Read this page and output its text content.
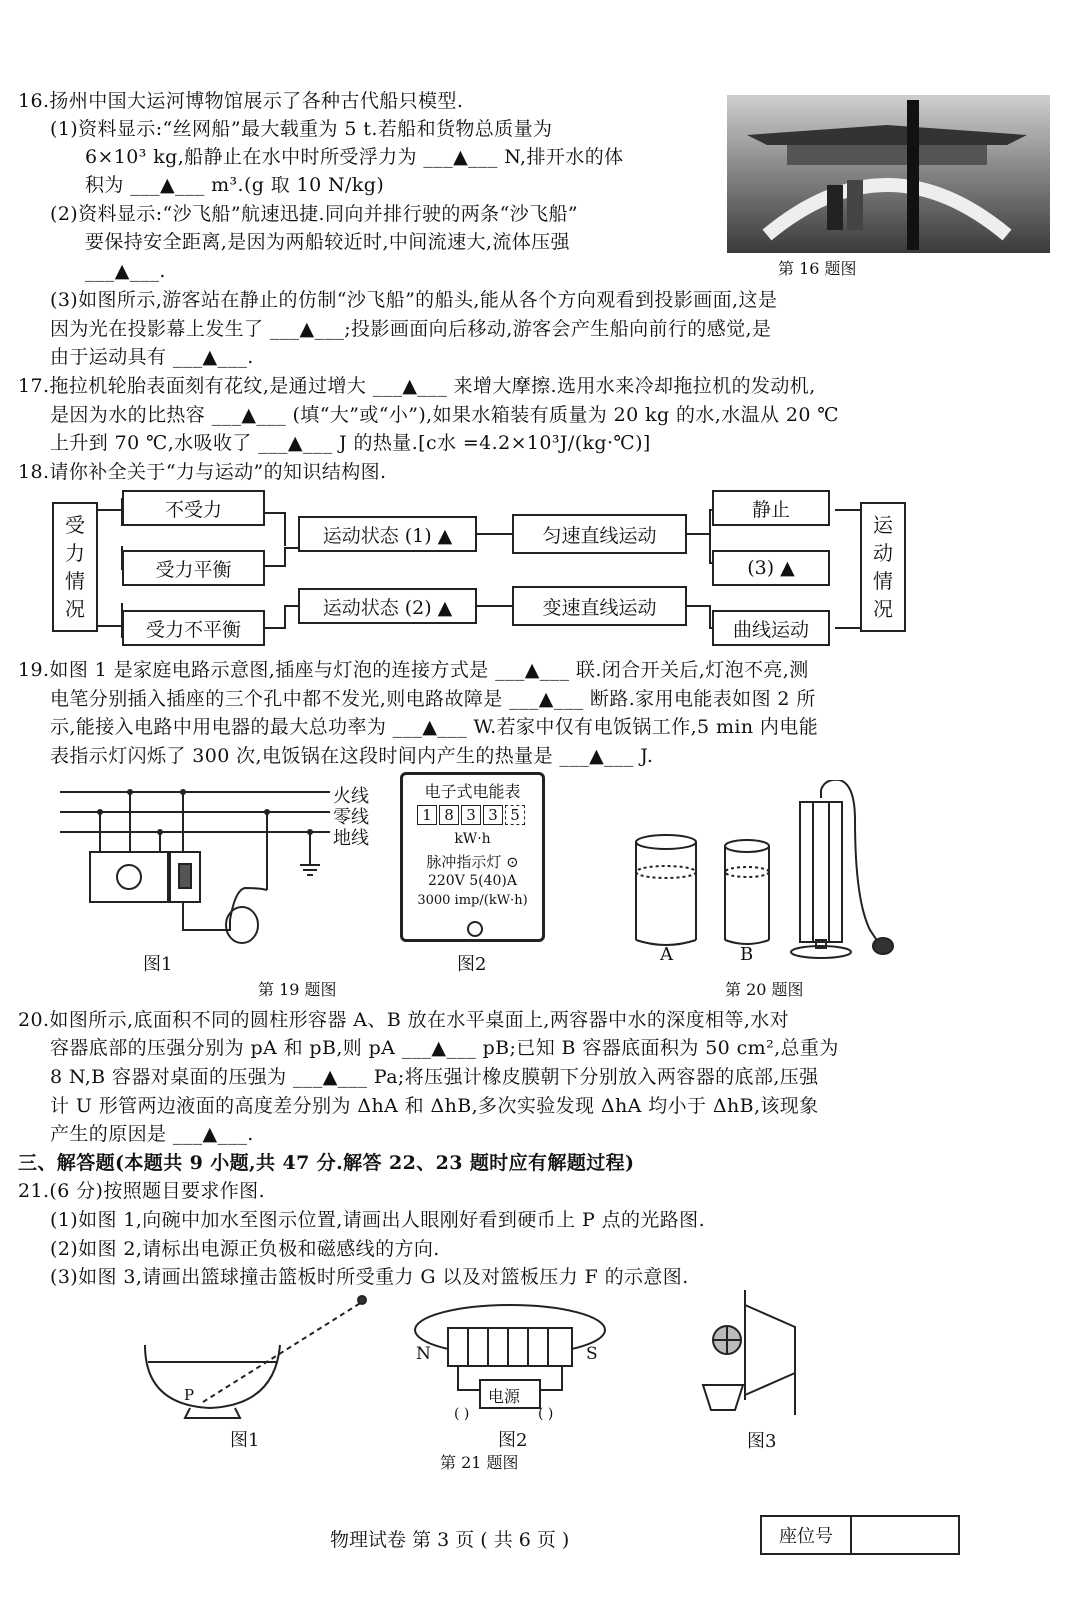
16.扬州中国大运河博物馆展示了各种古代船只模型.
(1)资料显示:“丝网船”最大载重为 5 t.若船和货物总质量为
6×10³ kg,船静止在水中时所受浮力为 ___▲___ N,排开水的体
积为 ___▲___ m³.(g 取 10 N/kg)
(2)资料显示:“沙飞船”航速迅捷.同向并排行驶的两条“沙飞船”
要保持安全距离,是因为两船较近时,中间流速大,流体压强
___▲___.	第 16 题图
(3)如图所示,游客站在静止的仿制“沙飞船”的船头,能从各个方向观看到投影画面,这是
因为光在投影幕上发生了 ___▲___;投影画面向后移动,游客会产生船向前行的感觉,是
由于运动具有 ___▲___.
17.拖拉机轮胎表面刻有花纹,是通过增大 ___▲___ 来增大摩擦.选用水来冷却拖拉机的发动机,
是因为水的比热容 ___▲___ (填“大”或“小”),如果水箱装有质量为 20 kg 的水,水温从 20 ℃
上升到 70 ℃,水吸收了 ___▲___ J 的热量.[c水 =4.2×10³J/(kg·℃)]
18.请你补全关于“力与运动”的知识结构图.
受
力
情
况
不受力
受力平衡
受力不平衡
运动状态 (1) ▲
运动状态 (2) ▲
匀速直线运动
变速直线运动
静止
(3) ▲
曲线运动
运
动
情
况
19.如图 1 是家庭电路示意图,插座与灯泡的连接方式是 ___▲___ 联.闭合开关后,灯泡不亮,测
电笔分别插入插座的三个孔中都不发光,则电路故障是 ___▲___ 断路.家用电能表如图 2 所
示,能接入电路中用电器的最大总功率为 ___▲___ W.若家中仅有电饭锅工作,5 min 内电能
表指示灯闪烁了 300 次,电饭锅在这段时间内产生的热量是 ___▲___ J.
火线
零线
地线
图1
电子式电能表
1 8 3 3 5
kW·h
脉冲指示灯 ⊙
220V 5(40)A
3000 imp/(kW·h)
图2
第 19 题图
A	B
第 20 题图
20.如图所示,底面积不同的圆柱形容器 A、B 放在水平桌面上,两容器中水的深度相等,水对
容器底部的压强分别为 pA 和 pB,则 pA ___▲___ pB;已知 B 容器底面积为 50 cm²,总重为
8 N,B 容器对桌面的压强为 ___▲___ Pa;将压强计橡皮膜朝下分别放入两容器的底部,压强
计 U 形管两边液面的高度差分别为 ΔhA 和 ΔhB,多次实验发现 ΔhA 均小于 ΔhB,该现象
产生的原因是 ___▲___.
三、解答题(本题共 9 小题,共 47 分.解答 22、23 题时应有解题过程)
21.(6 分)按照题目要求作图.
(1)如图 1,向碗中加水至图示位置,请画出人眼刚好看到硬币上 P 点的光路图.
(2)如图 2,请标出电源正负极和磁感线的方向.
(3)如图 3,请画出篮球撞击篮板时所受重力 G 以及对篮板压力 F 的示意图.
P
图1
N	S
电源
( )	( )
图2	图3
第 21 题图
物理试卷 第 3 页 ( 共 6 页 )	座位号
